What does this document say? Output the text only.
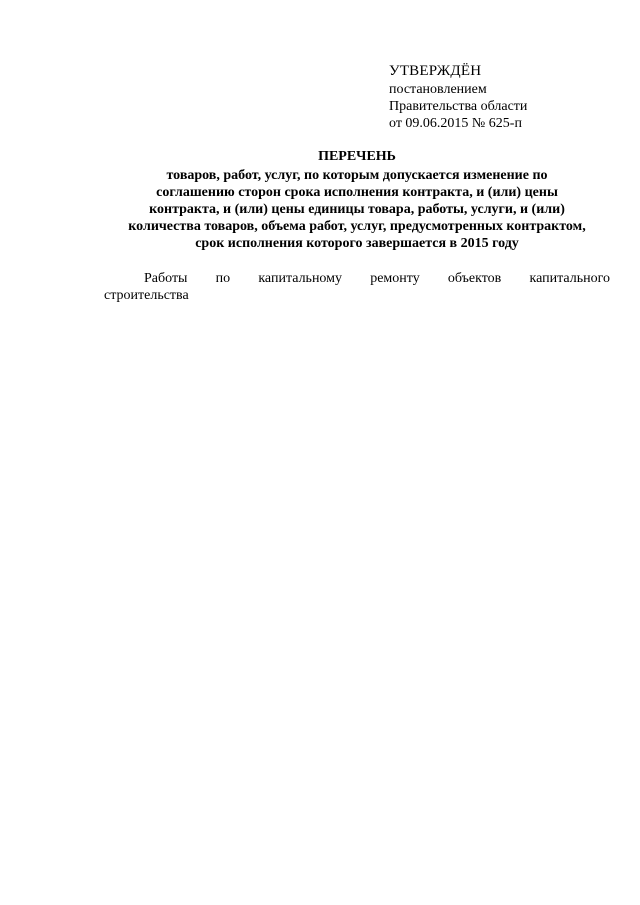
УТВЕРЖДЁН
постановлением
Правительства области
от 09.06.2015 № 625-п
ПЕРЕЧЕНЬ
товаров, работ, услуг, по которым допускается изменение по
соглашению сторон срока исполнения контракта, и (или) цены
контракта, и (или) цены единицы товара, работы, услуги, и (или)
количества товаров, объема работ, услуг, предусмотренных контрактом,
срок исполнения которого завершается в 2015 году
Работы по капитальному ремонту объектов капитального
строительства
